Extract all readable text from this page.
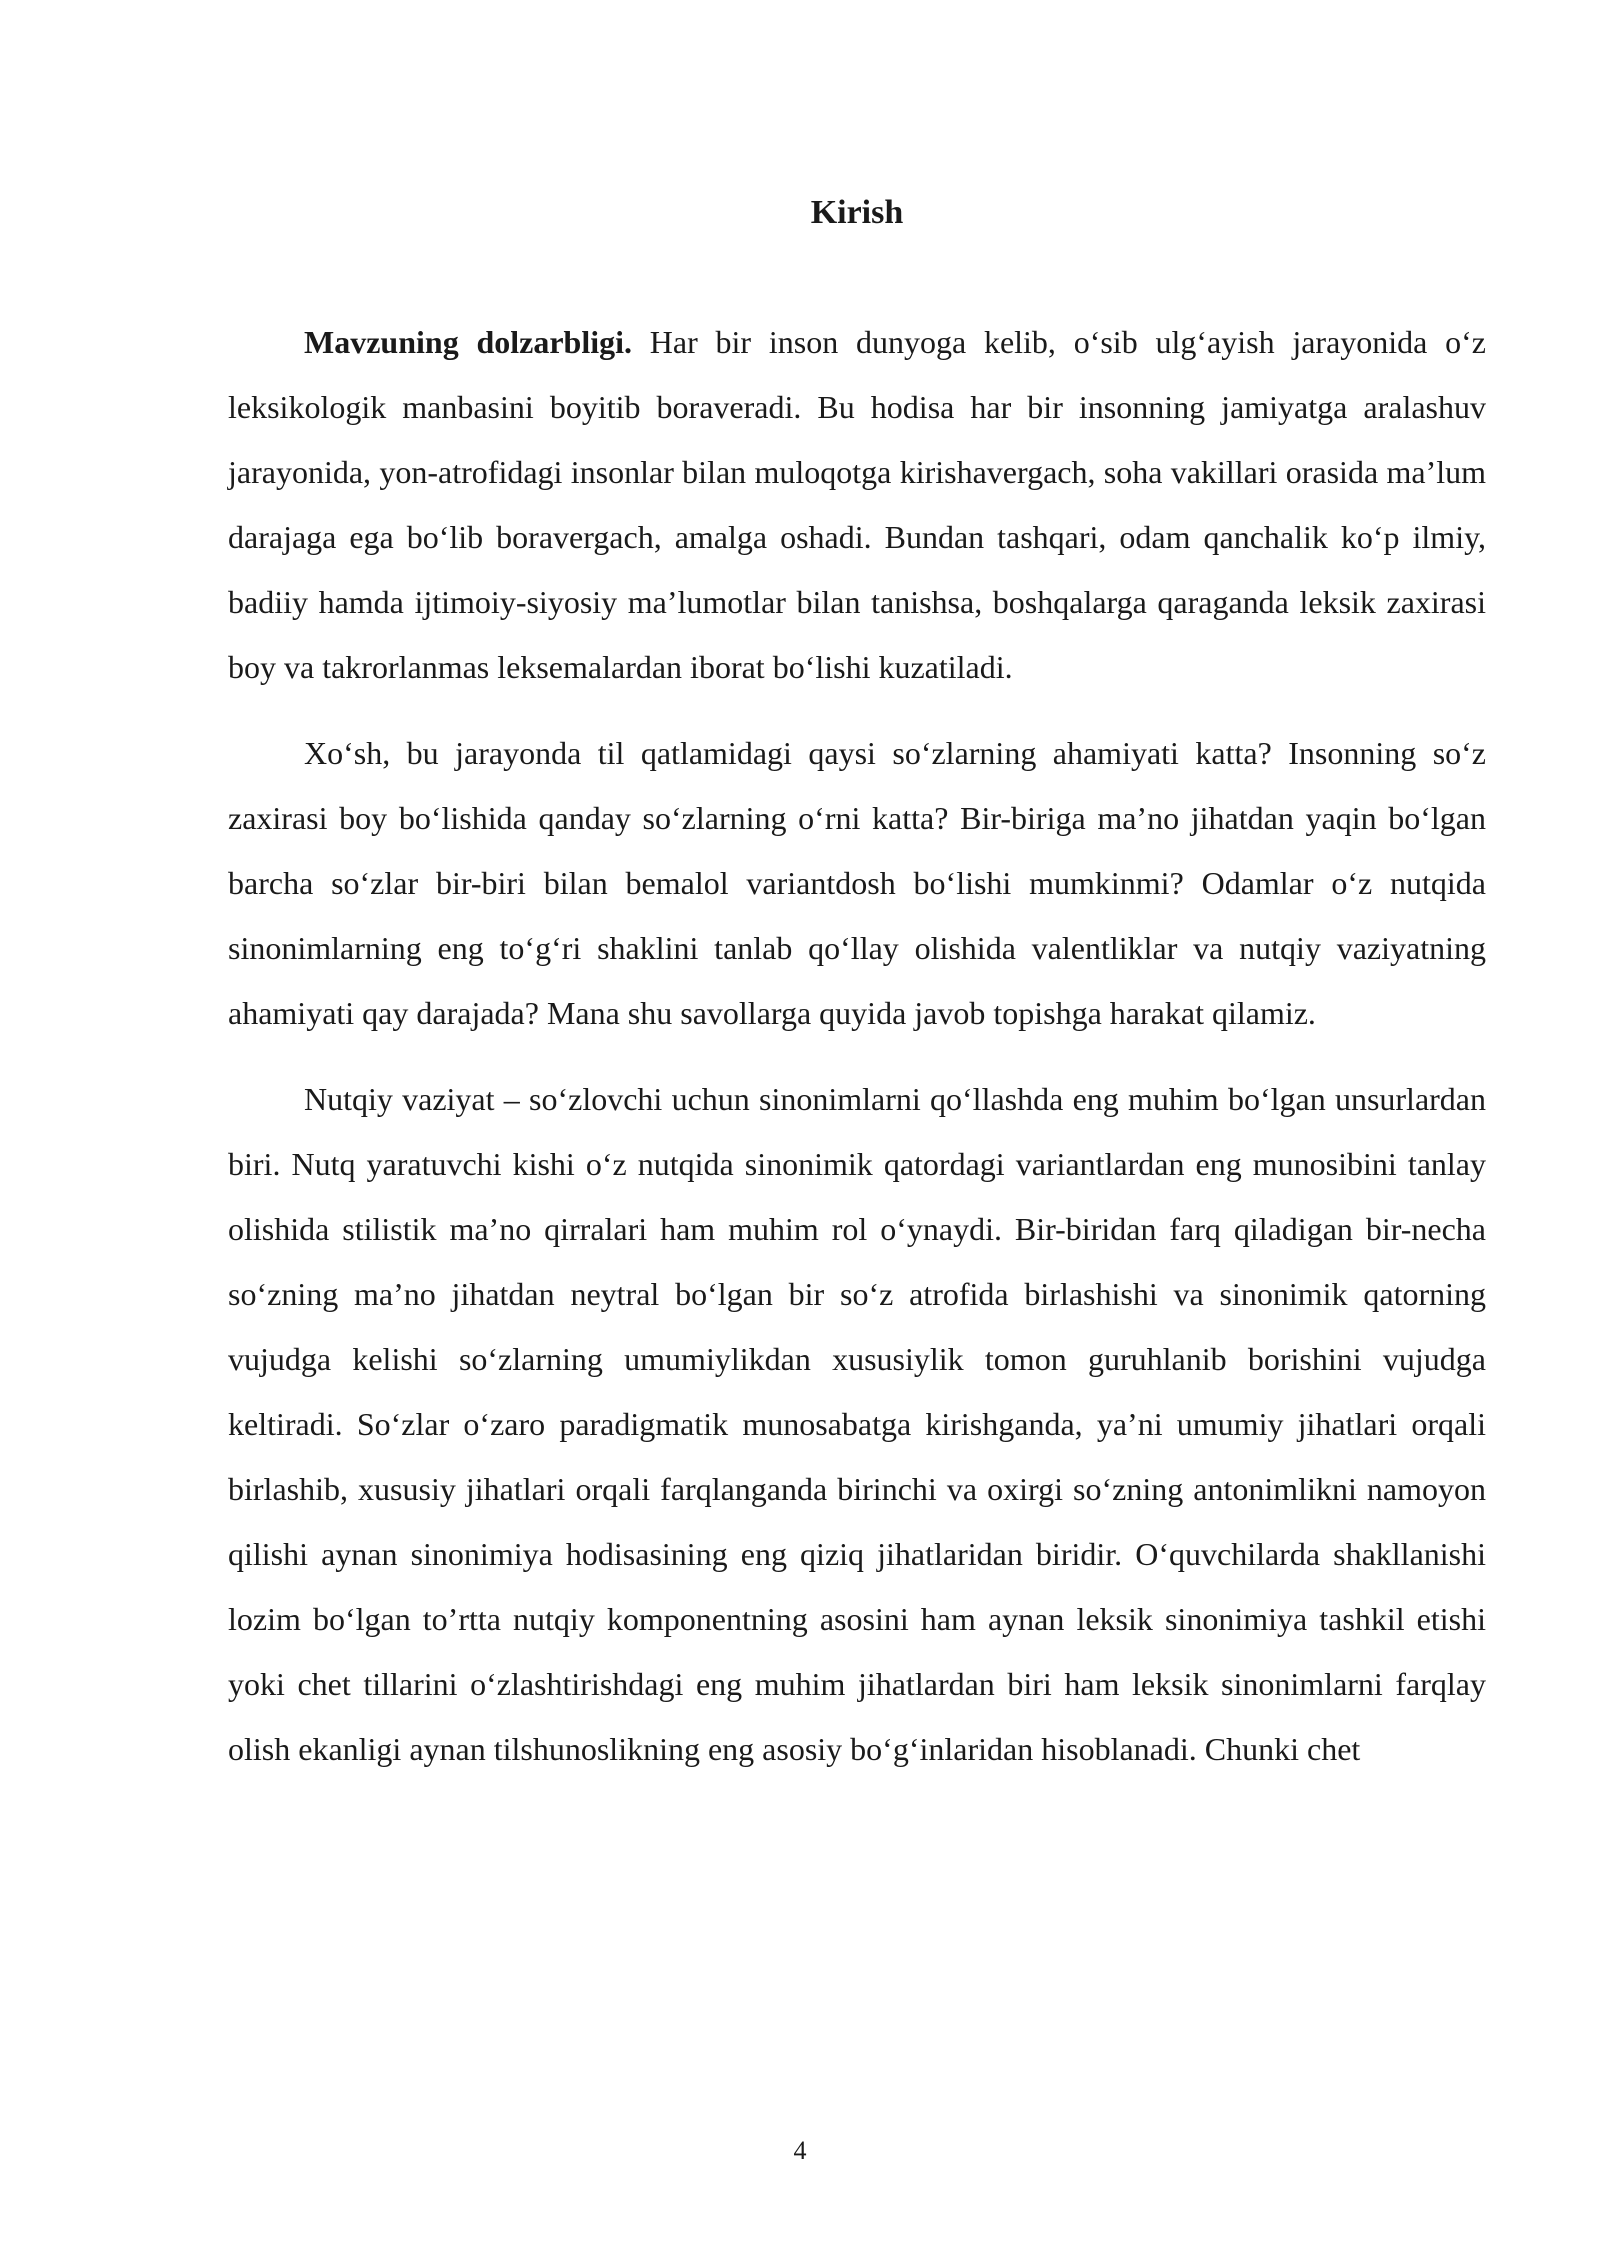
Kirish

Mavzuning dolzarbligi. Har bir inson dunyoga kelib, o‘sib ulg‘ayish jarayonida o‘z leksikologik manbasini boyitib boraveradi. Bu hodisa har bir insonning jamiyatga aralashuv jarayonida, yon-atrofidagi insonlar bilan muloqotga kirishavergach, soha vakillari orasida ma’lum darajaga ega bo‘lib boravergach, amalga oshadi. Bundan tashqari, odam qanchalik ko‘p ilmiy, badiiy hamda ijtimoiy-siyosiy ma’lumotlar bilan tanishsa, boshqalarga qaraganda leksik zaxirasi boy va takrorlanmas leksemalardan iborat bo‘lishi kuzatiladi.

Xo‘sh, bu jarayonda til qatlamidagi qaysi so‘zlarning ahamiyati katta? Insonning so‘z zaxirasi boy bo‘lishida qanday so‘zlarning o‘rni katta? Bir-biriga ma’no jihatdan yaqin bo‘lgan barcha so‘zlar bir-biri bilan bemalol variantdosh bo‘lishi mumkinmi? Odamlar o‘z nutqida sinonimlarning eng to‘g‘ri shaklini tanlab qo‘llay olishida valentliklar va nutqiy vaziyatning ahamiyati qay darajada? Mana shu savollarga quyida javob topishga harakat qilamiz.

Nutqiy vaziyat – so‘zlovchi uchun sinonimlarni qo‘llashda eng muhim bo‘lgan unsurlardan biri. Nutq yaratuvchi kishi o‘z nutqida sinonimik qatordagi variantlardan eng munosibini tanlay olishida stilistik ma’no qirralari ham muhim rol o‘ynaydi. Bir-biridan farq qiladigan bir-necha so‘zning ma’no jihatdan neytral bo‘lgan bir so‘z atrofida birlashishi va sinonimik qatorning vujudga kelishi so‘zlarning umumiylikdan xususiylik tomon guruhlanib borishini vujudga keltiradi. So‘zlar o‘zaro paradigmatik munosabatga kirishganda, ya’ni umumiy jihatlari orqali birlashib, xususiy jihatlari orqali farqlanganda birinchi va oxirgi so‘zning antonimlikni namoyon qilishi aynan sinonimiya hodisasining eng qiziq jihatlaridan biridir. O‘quvchilarda shakllanishi lozim bo‘lgan to’rtta nutqiy komponentning asosini ham aynan leksik sinonimiya tashkil etishi yoki chet tillarini o‘zlashtirishdagi eng muhim jihatlardan biri ham leksik sinonimlarni farqlay olish ekanligi aynan tilshunoslikning eng asosiy bo‘g‘inlaridan hisoblanadi. Chunki chet

4
